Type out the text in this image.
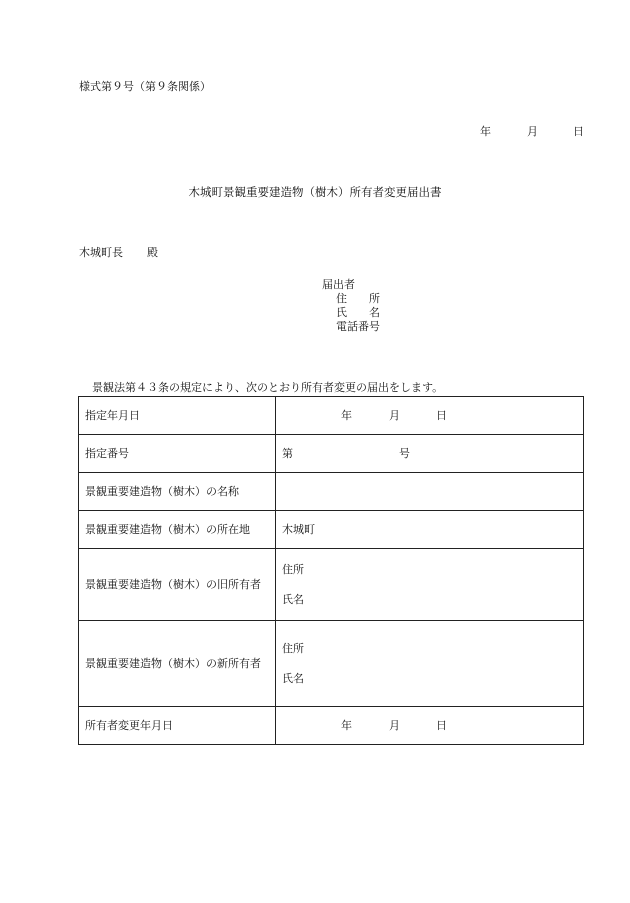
様式第９号（第９条関係）
年	月	日
木城町景観重要建造物（樹木）所有者変更届出書
木城町長 殿
届出者
住　　所
氏　　名
電話番号
景観法第４３条の規定により、次のとおり所有者変更の届出をします。
指定年月日	年 月 日

指定番号	第 号
景観重要建造物（樹木）の名称	
景観重要建造物（樹木）の所在地	木城町
景観重要建造物（樹木）の旧所有者	住所
氏名

景観重要建造物（樹木）の新所有者	住所
氏名

所有者変更年月日	年 月 日
